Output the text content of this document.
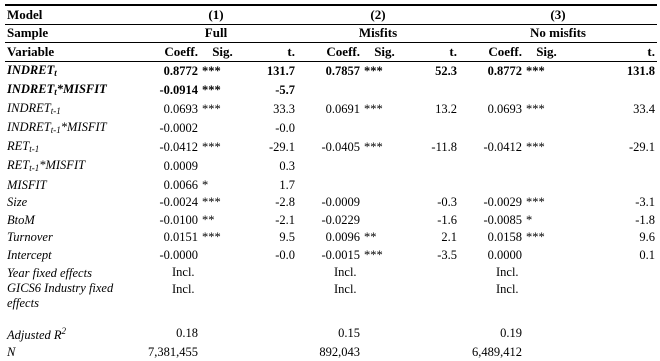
Model	(1)			(2)			(3)		
Sample	Full			Misfits			No misfits		
Variable	Coeff.	Sig.	t.	Coeff.	Sig.	t.	Coeff.	Sig.	t.
$INDRET_t$	0.8772	***	131.7	0.7857	***	52.3	0.8772	***	131.8
$INDRET_t*MISFIT$	-0.0914	***	-5.7						
$INDRET_{t-1}$	0.0693	***	33.3	0.0691	***	13.2	0.0693	***	33.4
$INDRET_{t-1}*MISFIT$	-0.0002		-0.0						
$RET_{t-1}$	-0.0412	***	-29.1	-0.0405	***	-11.8	-0.0412	***	-29.1
$RET_{t-1}*MISFIT$	0.0009		0.3						
MISFIT	0.0066	*	1.7						
Size	-0.0024	***	-2.8	-0.0009		-0.3	-0.0029	***	-3.1
BtoM	-0.0100	**	-2.1	-0.0229		-1.6	-0.0085	*	-1.8
Turnover	0.0151	***	9.5	0.0096	**	2.1	0.0158	***	9.6
Intercept	-0.0000		-0.0	-0.0015	***	-3.5	0.0000		0.1
Year fixed effects	Incl.			Incl.			Incl.		
GICS6 Industry fixed effects	Incl.			Incl.			Incl.		

Adjusted $R^2$	0.18			0.15			0.19		
N	7,381,455			892,043			6,489,412		
